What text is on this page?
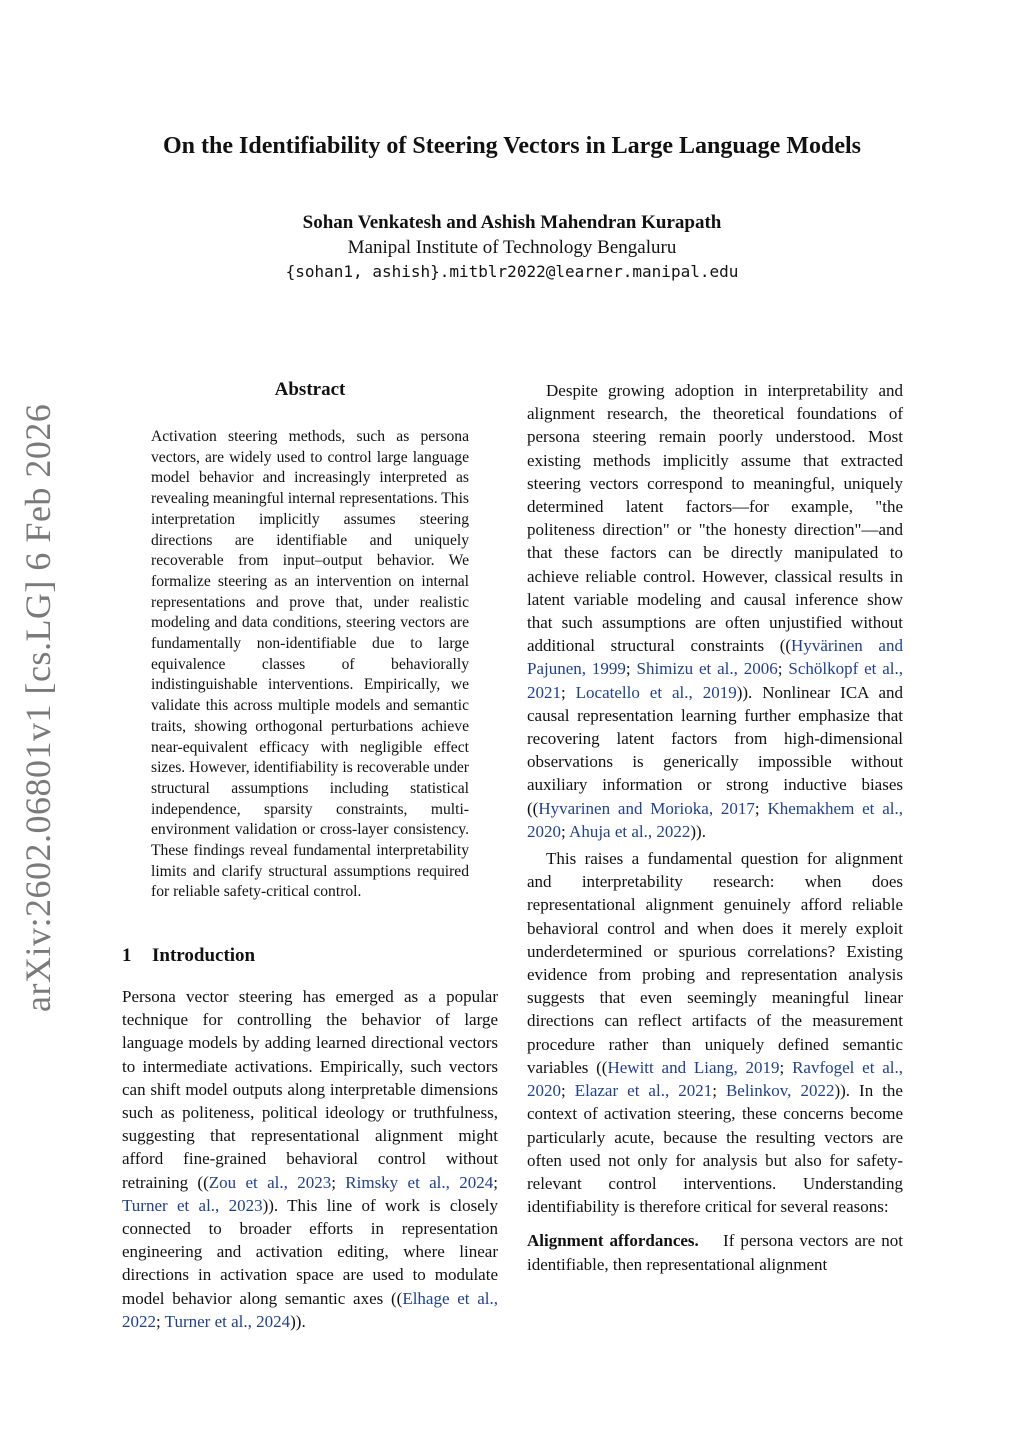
arXiv:2602.06801v1 [cs.LG] 6 Feb 2026
On the Identifiability of Steering Vectors in Large Language Models
Sohan Venkatesh and Ashish Mahendran Kurapath
Manipal Institute of Technology Bengaluru
{sohan1, ashish}.mitblr2022@learner.manipal.edu
Abstract

Activation steering methods, such as persona vectors, are widely used to control large language model behavior and increasingly interpreted as revealing meaningful internal representations. This interpretation implicitly assumes steering directions are identifiable and uniquely recoverable from input–output behavior. We formalize steering as an intervention on internal representations and prove that, under realistic modeling and data conditions, steering vectors are fundamentally non-identifiable due to large equivalence classes of behaviorally indistinguishable interventions. Empirically, we validate this across multiple models and semantic traits, showing orthogonal perturbations achieve near-equivalent efficacy with negligible effect sizes. However, identifiability is recoverable under structural assumptions including statistical independence, sparsity constraints, multi-environment validation or cross-layer consistency. These findings reveal fundamental interpretability limits and clarify structural assumptions required for reliable safety-critical control.

1 Introduction

Persona vector steering has emerged as a popular technique for controlling the behavior of large language models by adding learned directional vectors to intermediate activations. Empirically, such vectors can shift model outputs along interpretable dimensions such as politeness, political ideology or truthfulness, suggesting that representational alignment might afford fine-grained behavioral control without retraining ((Zou et al., 2023; Rimsky et al., 2024; Turner et al., 2023)). This line of work is closely connected to broader efforts in representation engineering and activation editing, where linear directions in activation space are used to modulate model behavior along semantic axes ((Elhage et al., 2022; Turner et al., 2024)).

Despite growing adoption in interpretability and alignment research, the theoretical foundations of persona steering remain poorly understood. Most existing methods implicitly assume that extracted steering vectors correspond to meaningful, uniquely determined latent factors—for example, "the politeness direction" or "the honesty direction"—and that these factors can be directly manipulated to achieve reliable control. However, classical results in latent variable modeling and causal inference show that such assumptions are often unjustified without additional structural constraints ((Hyvärinen and Pajunen, 1999; Shimizu et al., 2006; Schölkopf et al., 2021; Locatello et al., 2019)). Nonlinear ICA and causal representation learning further emphasize that recovering latent factors from high-dimensional observations is generically impossible without auxiliary information or strong inductive biases ((Hyvarinen and Morioka, 2017; Khemakhem et al., 2020; Ahuja et al., 2022)).

This raises a fundamental question for alignment and interpretability research: when does representational alignment genuinely afford reliable behavioral control and when does it merely exploit underdetermined or spurious correlations? Existing evidence from probing and representation analysis suggests that even seemingly meaningful linear directions can reflect artifacts of the measurement procedure rather than uniquely defined semantic variables ((Hewitt and Liang, 2019; Ravfogel et al., 2020; Elazar et al., 2021; Belinkov, 2022)). In the context of activation steering, these concerns become particularly acute, because the resulting vectors are often used not only for analysis but also for safety-relevant control interventions. Understanding identifiability is therefore critical for several reasons:

Alignment affordances. If persona vectors are not identifiable, then representational alignment
